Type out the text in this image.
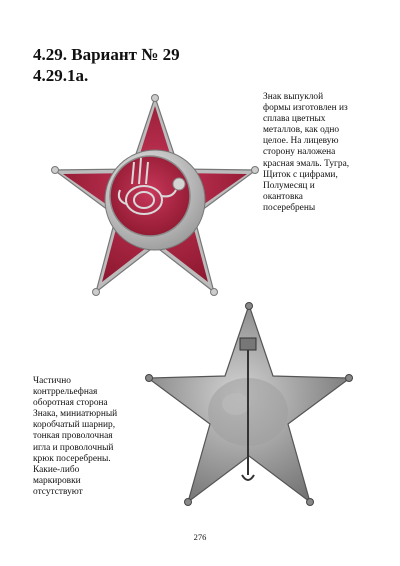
4.29. Вариант № 29
4.29.1а.

Знак выпуклой
формы изготовлен из
сплава цветных
металлов, как одно
целое. На лицевую
сторону наложена
красная эмаль. Тугра,
Щиток с цифрами,
Полумесяц и
окантовка
посеребрены

Частично
контррельефная
оборотная сторона
Знака, миниатюрный
коробчатый шарнир,
тонкая проволочная
игла и проволочный
крюк посеребрены.
Какие-либо
маркировки
отсутствуют

276
